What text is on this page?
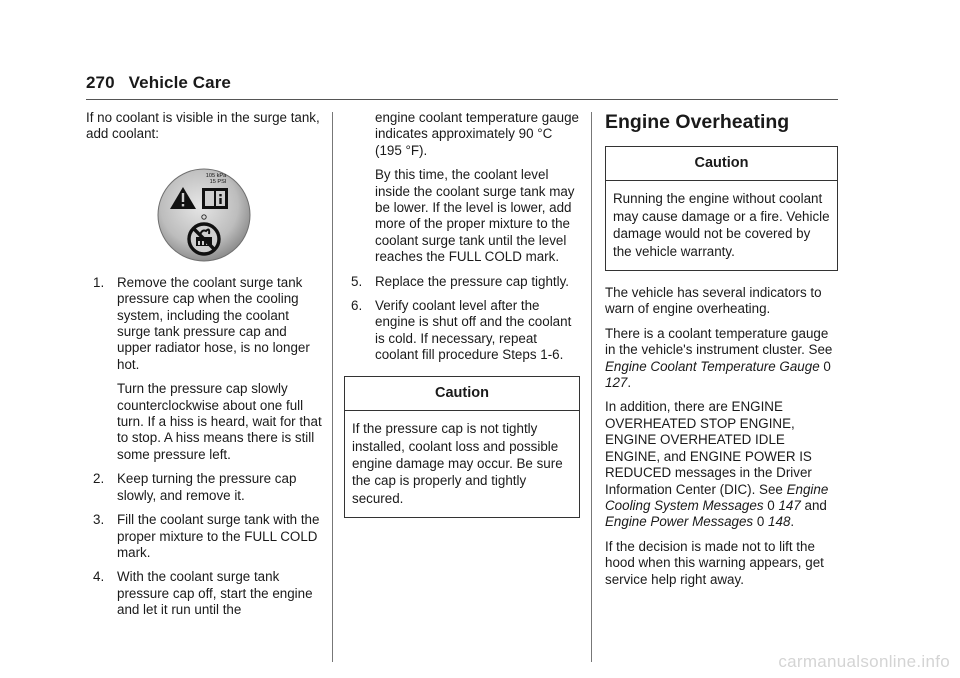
270 Vehicle Care

If no coolant is visible in the surge tank, add coolant:

105 kPa
15 PSI
1. Remove the coolant surge tank pressure cap when the cooling system, including the coolant surge tank pressure cap and upper radiator hose, is no longer hot.

Turn the pressure cap slowly counterclockwise about one full turn. If a hiss is heard, wait for that to stop. A hiss means there is still some pressure left.

2. Keep turning the pressure cap slowly, and remove it.

3. Fill the coolant surge tank with the proper mixture to the FULL COLD mark.

4. With the coolant surge tank pressure cap off, start the engine and let it run until the

engine coolant temperature gauge indicates approximately 90 °C (195 °F).

By this time, the coolant level inside the coolant surge tank may be lower. If the level is lower, add more of the proper mixture to the coolant surge tank until the level reaches the FULL COLD mark.

5. Replace the pressure cap tightly.

6. Verify coolant level after the engine is shut off and the coolant is cold. If necessary, repeat coolant fill procedure Steps 1-6.

Caution
If the pressure cap is not tightly installed, coolant loss and possible engine damage may occur. Be sure the cap is properly and tightly secured.
Engine Overheating
Caution
Running the engine without coolant may cause damage or a fire. Vehicle damage would not be covered by the vehicle warranty.

The vehicle has several indicators to warn of engine overheating.

There is a coolant temperature gauge in the vehicle's instrument cluster. See Engine Coolant Temperature Gauge 0 127.

In addition, there are ENGINE OVERHEATED STOP ENGINE, ENGINE OVERHEATED IDLE ENGINE, and ENGINE POWER IS REDUCED messages in the Driver Information Center (DIC). See Engine Cooling System Messages 0 147 and Engine Power Messages 0 148.

If the decision is made not to lift the hood when this warning appears, get service help right away.

carmanualsonline.info
